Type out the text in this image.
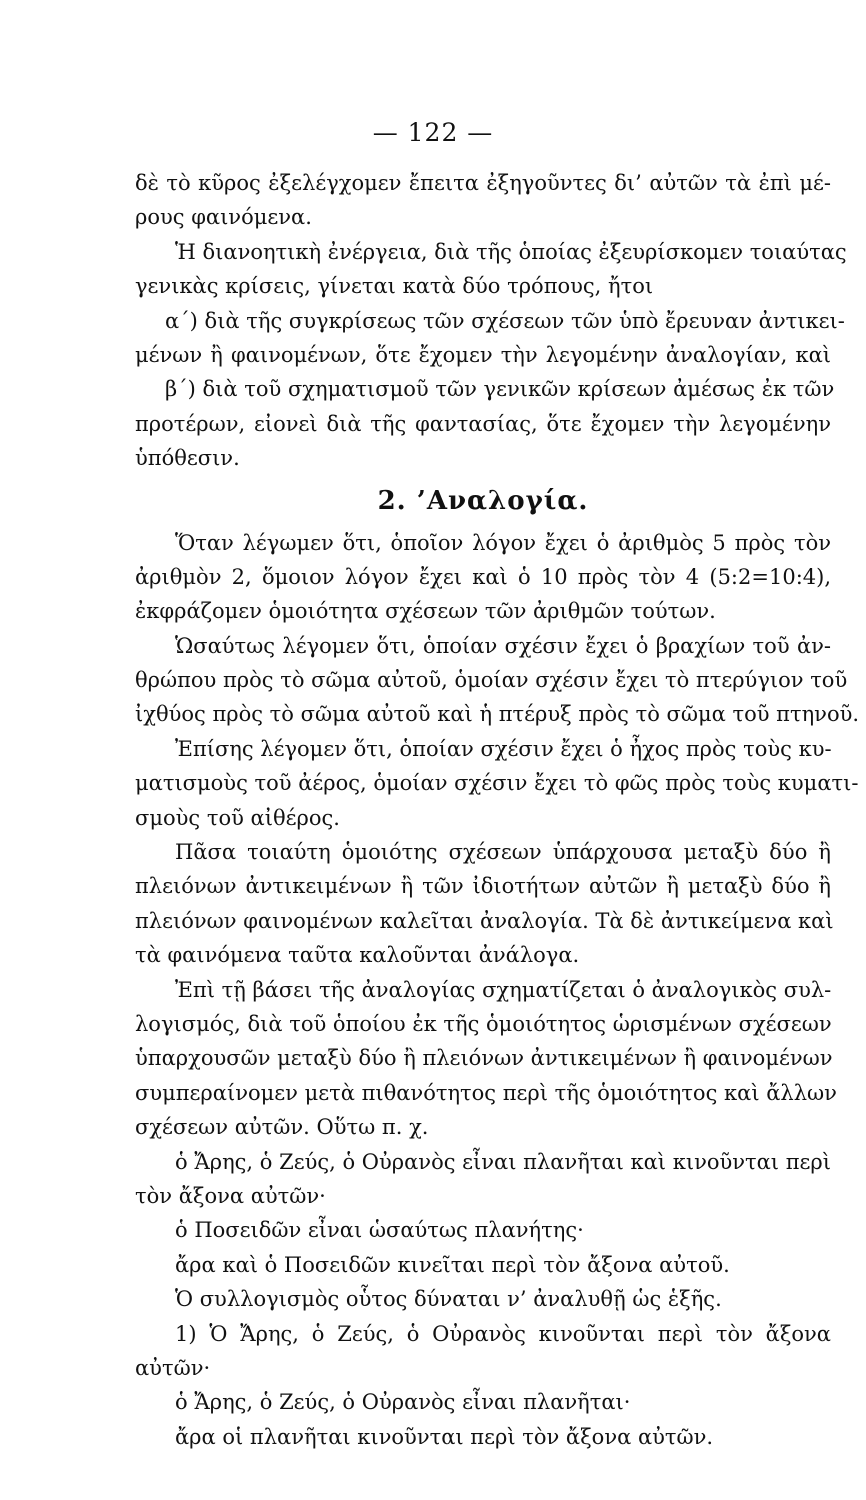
— 122 —
δὲ τὸ κῦρος ἐξελέγχομεν ἔπειτα ἐξηγοῦντες δι’ αὐτῶν τὰ ἐπὶ μέ-
ρους φαινόμενα.
Ἡ διανοητικὴ ἐνέργεια, διὰ τῆς ὁποίας ἐξευρίσκομεν τοιαύτας
γενικὰς κρίσεις, γίνεται κατὰ δύο τρόπους, ἤτοι
α΄) διὰ τῆς συγκρίσεως τῶν σχέσεων τῶν ὑπὸ ἔρευναν ἀντικει-
μένων ἢ φαινομένων, ὅτε ἔχομεν τὴν λεγομένην ἀναλογίαν, καὶ
β΄) διὰ τοῦ σχηματισμοῦ τῶν γενικῶν κρίσεων ἀμέσως ἐκ τῶν
προτέρων, εἰονεὶ διὰ τῆς φαντασίας, ὅτε ἔχομεν τὴν λεγομένην
ὑπόθεσιν.
2. ’Αναλογία.
Ὅταν λέγωμεν ὅτι, ὁποῖον λόγον ἔχει ὁ ἀριθμὸς 5 πρὸς τὸν
ἀριθμὸν 2, ὅμοιον λόγον ἔχει καὶ ὁ 10 πρὸς τὸν 4 (5:2=10:4),
ἐκφράζομεν ὁμοιότητα σχέσεων τῶν ἀριθμῶν τούτων.
Ὡσαύτως λέγομεν ὅτι, ὁποίαν σχέσιν ἔχει ὁ βραχίων τοῦ ἀν-
θρώπου πρὸς τὸ σῶμα αὐτοῦ, ὁμοίαν σχέσιν ἔχει τὸ πτερύγιον τοῦ
ἰχθύος πρὸς τὸ σῶμα αὐτοῦ καὶ ἡ πτέρυξ πρὸς τὸ σῶμα τοῦ πτηνοῦ.
Ἐπίσης λέγομεν ὅτι, ὁποίαν σχέσιν ἔχει ὁ ἦχος πρὸς τοὺς κυ-
ματισμοὺς τοῦ ἀέρος, ὁμοίαν σχέσιν ἔχει τὸ φῶς πρὸς τοὺς κυματι-
σμοὺς τοῦ αἰθέρος.
Πᾶσα τοιαύτη ὁμοιότης σχέσεων ὑπάρχουσα μεταξὺ δύο ἢ
πλειόνων ἀντικειμένων ἢ τῶν ἰδιοτήτων αὐτῶν ἢ μεταξὺ δύο ἢ
πλειόνων φαινομένων καλεῖται ἀναλογία. Τὰ δὲ ἀντικείμενα καὶ
τὰ φαινόμενα ταῦτα καλοῦνται ἀνάλογα.
Ἐπὶ τῇ βάσει τῆς ἀναλογίας σχηματίζεται ὁ ἀναλογικὸς συλ-
λογισμός, διὰ τοῦ ὁποίου ἐκ τῆς ὁμοιότητος ὡρισμένων σχέσεων
ὑπαρχουσῶν μεταξὺ δύο ἢ πλειόνων ἀντικειμένων ἢ φαινομένων
συμπεραίνομεν μετὰ πιθανότητος περὶ τῆς ὁμοιότητος καὶ ἄλλων
σχέσεων αὐτῶν. Οὕτω π. χ.
ὁ Ἄρης, ὁ Ζεύς, ὁ Οὐρανὸς εἶναι πλανῆται καὶ κινοῦνται περὶ
τὸν ἄξονα αὐτῶν·
ὁ Ποσειδῶν εἶναι ὡσαύτως πλανήτης·
ἄρα καὶ ὁ Ποσειδῶν κινεῖται περὶ τὸν ἄξονα αὐτοῦ.
Ὁ συλλογισμὸς οὗτος δύναται ν’ ἀναλυθῇ ὡς ἑξῆς.
1) Ὁ Ἄρης, ὁ Ζεύς, ὁ Οὐρανὸς κινοῦνται περὶ τὸν ἄξονα
αὐτῶν·
ὁ Ἄρης, ὁ Ζεύς, ὁ Οὐρανὸς εἶναι πλανῆται·
ἄρα οἱ πλανῆται κινοῦνται περὶ τὸν ἄξονα αὐτῶν.
